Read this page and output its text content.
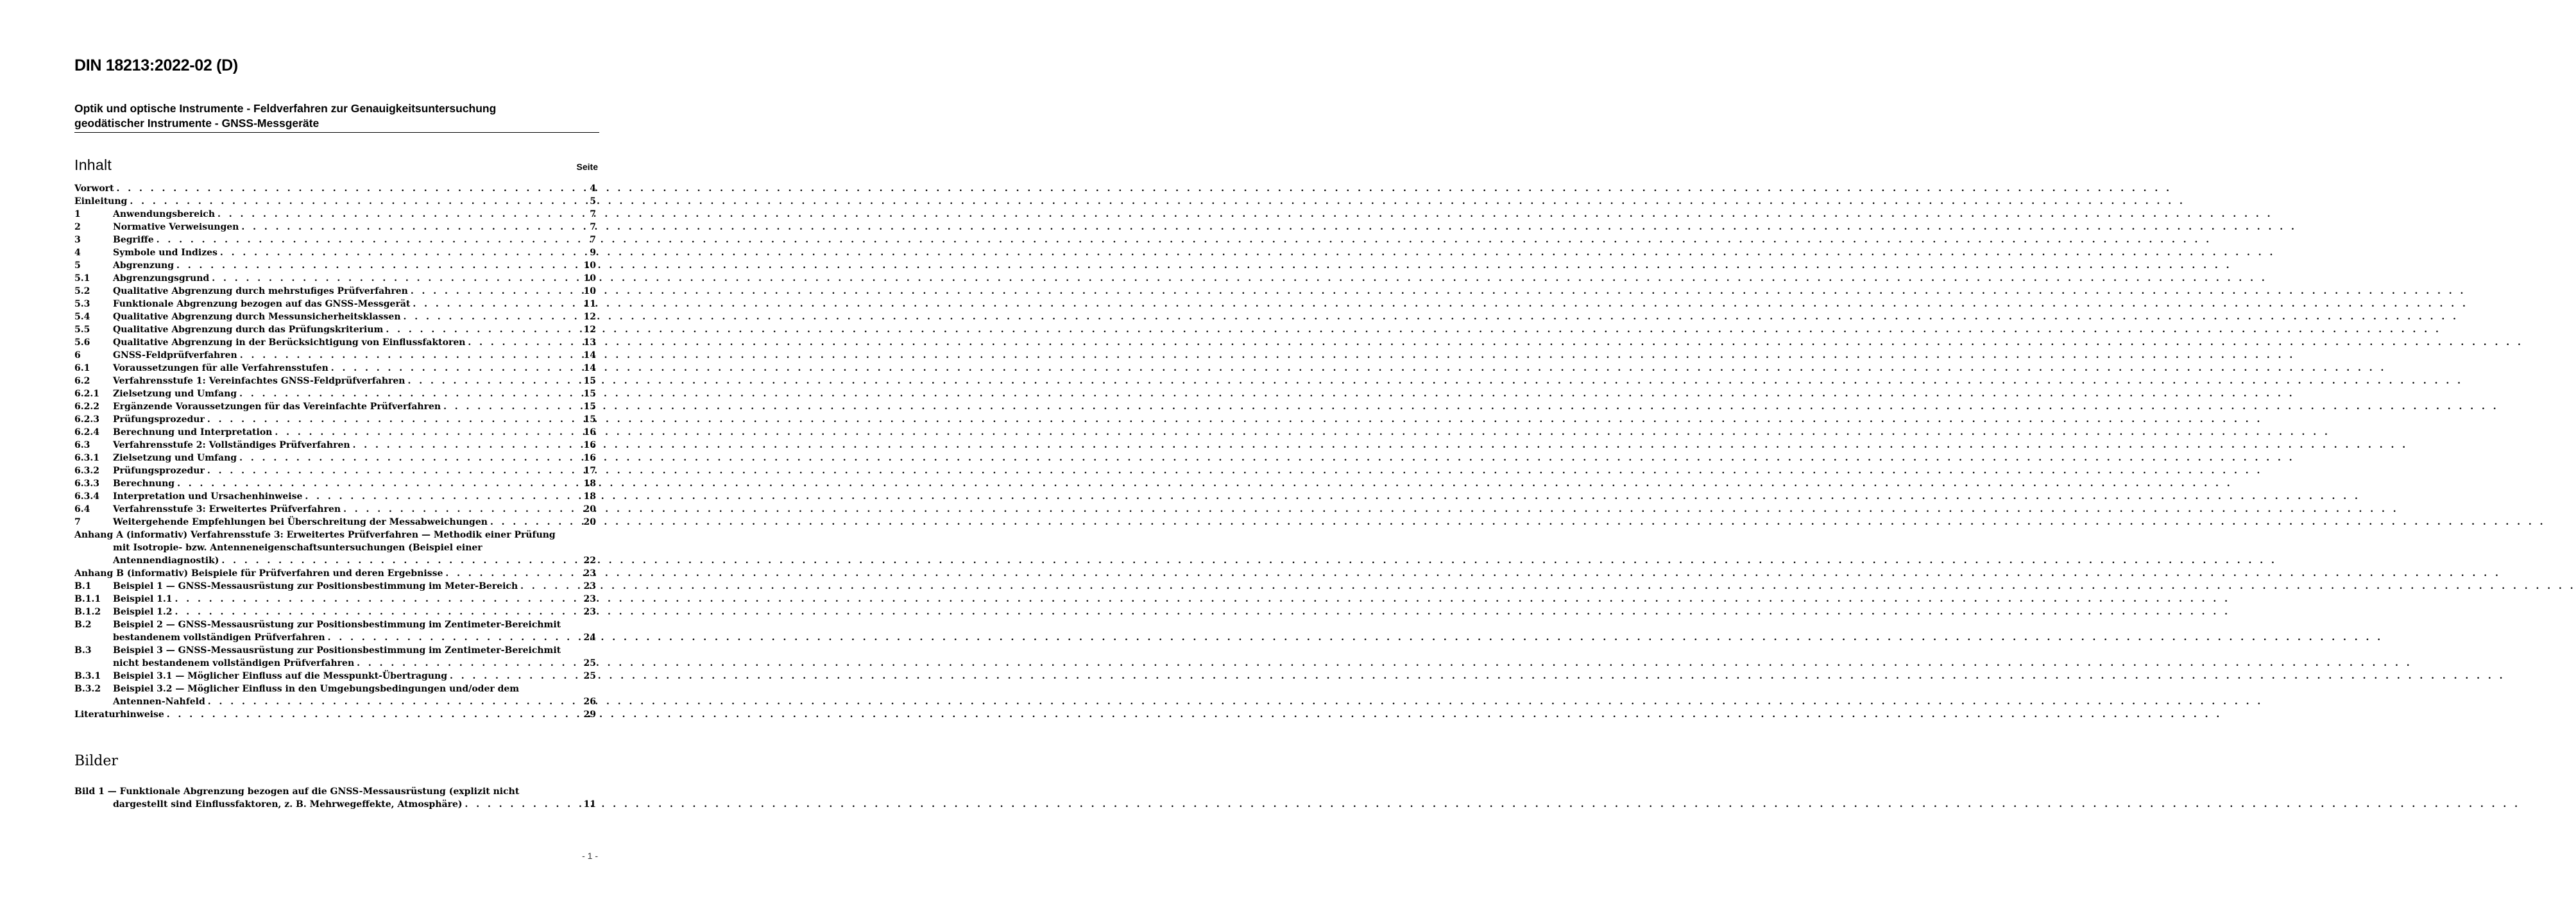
DIN 18213:2022-02 (D)
Optik und optische Instrumente - Feldverfahren zur Genauigkeitsuntersuchung
geodätischer Instrumente - GNSS-Messgeräte
Inhalt	Seite
Vorwort . . .	4
Einleitung . . .	5
1	Anwendungsbereich . . .	7
2	Normative Verweisungen . . .	7
3	Begriffe . . .	7
4	Symbole und Indizes . . .	9
5	Abgrenzung . . .	10
5.1	Abgrenzungsgrund . . .	10
5.2	Qualitative Abgrenzung durch mehrstufiges Prüfverfahren . . .	10
5.3	Funktionale Abgrenzung bezogen auf das GNSS-Messgerät . . .	11
5.4	Qualitative Abgrenzung durch Messunsicherheitsklassen . . .	12
5.5	Qualitative Abgrenzung durch das Prüfungskriterium . . .	12
5.6	Qualitative Abgrenzung in der Berücksichtigung von Einflussfaktoren . . .	13
6	GNSS-Feldprüfverfahren . . .	14
6.1	Voraussetzungen für alle Verfahrensstufen . . .	14
6.2	Verfahrensstufe 1: Vereinfachtes GNSS-Feldprüfverfahren . . .	15
6.2.1	Zielsetzung und Umfang . . .	15
6.2.2	Ergänzende Voraussetzungen für das Vereinfachte Prüfverfahren . . .	15
6.2.3	Prüfungsprozedur . . .	15
6.2.4	Berechnung und Interpretation . . .	16
6.3	Verfahrensstufe 2: Vollständiges Prüfverfahren . . .	16
6.3.1	Zielsetzung und Umfang . . .	16
6.3.2	Prüfungsprozedur . . .	17
6.3.3	Berechnung . . .	18
6.3.4	Interpretation und Ursachenhinweise . . .	18
6.4	Verfahrensstufe 3: Erweitertes Prüfverfahren . . .	20
7	Weitergehende Empfehlungen bei Überschreitung der Messabweichungen . . .	20
Anhang A (informativ) Verfahrensstufe 3: Erweitertes Prüfverfahren — Methodik einer Prüfung
mit Isotropie- bzw. Antenneneigenschaftsuntersuchungen (Beispiel einer
Antennendiagnostik) . . .	22
Anhang B (informativ) Beispiele für Prüfverfahren und deren Ergebnisse . . .	23
B.1	Beispiel 1 — GNSS-Messausrüstung zur Positionsbestimmung im Meter-Bereich . . .	23
B.1.1	Beispiel 1.1 . . .	23
B.1.2	Beispiel 1.2 . . .	23
B.2 Beispiel 2 — GNSS-Messausrüstung zur Positionsbestimmung im Zentimeter-Bereichmit
bestandenem vollständigen Prüfverfahren . . .	24
B.3 Beispiel 3 — GNSS-Messausrüstung zur Positionsbestimmung im Zentimeter-Bereichmit
nicht bestandenem vollständigen Prüfverfahren . . .	25
B.3.1	Beispiel 3.1 — Möglicher Einfluss auf die Messpunkt-Übertragung . . .	25
B.3.2 Beispiel 3.2 — Möglicher Einfluss in den Umgebungsbedingungen und/oder dem
Antennen-Nahfeld . . .	26
Literaturhinweise . . .	29
Bilder
Bild 1 — Funktionale Abgrenzung bezogen auf die GNSS-Messausrüstung (explizit nicht
dargestellt sind Einflussfaktoren, z. B. Mehrwegeffekte, Atmosphäre) . . .	11
- 1 -
